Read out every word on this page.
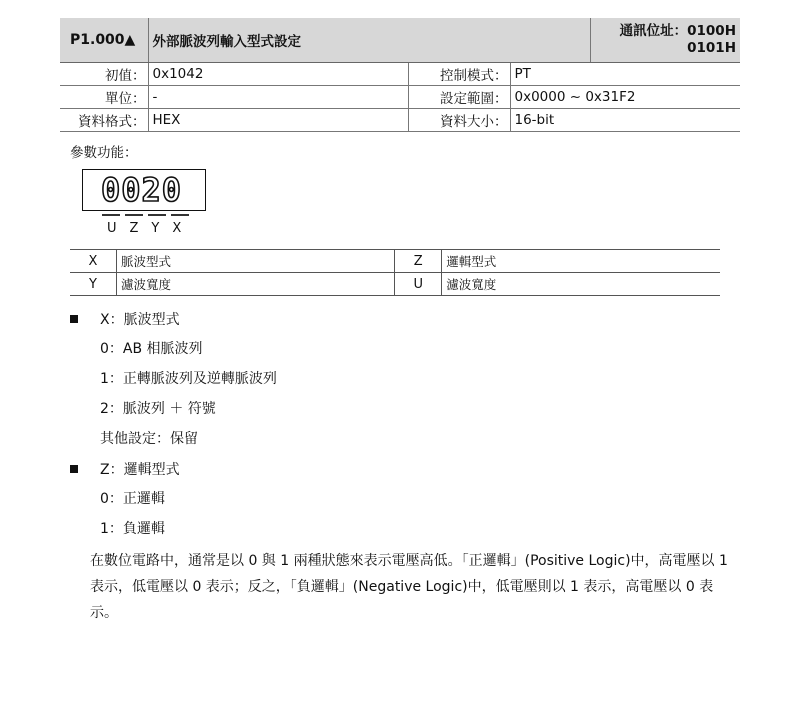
P1.000▲	外部脈波列輸入型式設定			通訊位址：0100H
0101H

初值：	0x1042	控制模式：	PT	
單位：	-	設定範圍：	0x0000 ~ 0x31F2	
資料格式：	HEX	資料大小：	16-bit	
參數功能：
0020
U Z Y X
X	脈波型式	Z	邏輯型式
Y	濾波寬度	U	濾波寬度
X：脈波型式
0：AB 相脈波列
1：正轉脈波列及逆轉脈波列
2：脈波列 ＋ 符號
其他設定：保留
Z：邏輯型式
0：正邏輯
1：負邏輯
在數位電路中，通常是以 0 與 1 兩種狀態來表示電壓高低。「正邏輯」(Positive Logic)中，高電壓以 1 表示，低電壓以 0 表示；反之，「負邏輯」(Negative Logic)中，低電壓則以 1 表示，高電壓以 0 表示。
